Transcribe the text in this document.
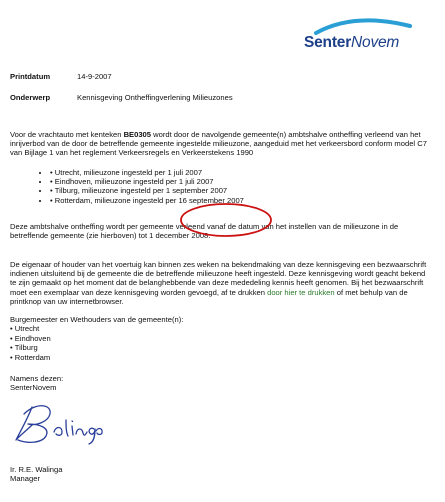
SenterNovem
Printdatum	14-9-2007
Onderwerp	Kennisgeving Ontheffingverlening Milieuzones

Voor de vrachtauto met kenteken BE0305 wordt door de navolgende gemeente(n) ambtshalve ontheffing verleend van het inrijverbod van de door de betreffende gemeente ingestelde milieuzone, aangeduid met het verkeersbord conform model C7 van Bijlage 1 van het reglement Verkeersregels en Verkeerstekens 1990

• • Utrecht, milieuzone ingesteld per 1 juli 2007
• • Eindhoven, milieuzone ingesteld per 1 juli 2007
• • Tilburg, milieuzone ingesteld per 1 september 2007
• • Rotterdam, milieuzone ingesteld per 16 september 2007

Deze ambtshalve ontheffing wordt per gemeente verleend vanaf de datum van het instellen van de milieuzone in de betreffende gemeente (zie hierboven) tot 1 december 2008.

De eigenaar of houder van het voertuig kan binnen zes weken na bekendmaking van deze kennisgeving een bezwaarschrift indienen uitsluitend bij de gemeente die de betreffende milieuzone heeft ingesteld. Deze kennisgeving wordt geacht bekend te zijn gemaakt op het moment dat de belanghebbende van deze mededeling kennis heeft genomen. Bij het bezwaarschrift moet een exemplaar van deze kennisgeving worden gevoegd, af te drukken door hier te drukken of met behulp van de printknop van uw internetbrowser.

Burgemeester en Wethouders van de gemeente(n):

• Utrecht
• Eindhoven
• Tilburg
• Rotterdam

Namens dezen:

SenterNovem

Ir. R.E. Walinga

Manager
